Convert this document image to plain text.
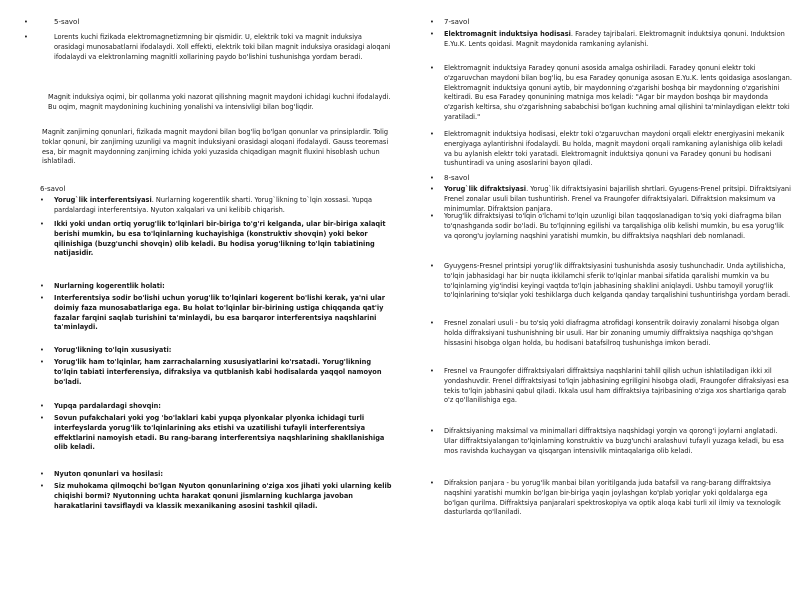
•	5-savol
•	Lorents kuchi fizikada elektromagnetizmning bir qismidir. U, elektrik toki va magnit induksiya orasidagi munosabatlarni ifodalaydi. Xoll effekti, elektrik toki bilan magnit induksiya orasidagi aloqani ifodalaydi va elektronlarning magnitli xollarining paydo bo'lishini tushunishga yordam beradi.

Magnit induksiya oqimi, bir qollanma yoki nazorat qilishning magnit maydoni ichidagi kuchni ifodalaydi. Bu oqim, magnit maydonining kuchining yonalishi va intensivligi bilan bog'liqdir.

Magnit zanjirning qonunlari, fizikada magnit maydoni bilan bog'liq bo'lgan qonunlar va prinsiplardir. Tolig toklar qonuni, bir zanjirning uzunligi va magnit induksiyani orasidagi aloqani ifodalaydi. Gauss teoremasi esa, bir magnit maydonning zanjirning ichida yoki yuzasida chiqadigan magnit fluxini hisoblash uchun ishlatiladi.

6-savol
• Yorug`lik interferentsiyasi. Nurlarning kogerentlik sharti. Yorug`likning to`lqin xossasi. Yupqa pardalardagi interferentsiya. Nyuton xalqalari va uni kelibib chiqarish.

• Ikki yoki undan ortiq yorug'lik to'lqinlari bir-biriga to'g'ri kelganda, ular bir-biriga xalaqit berishi mumkin, bu esa to'lqinlarning kuchayishiga (konstruktiv shovqin) yoki bekor qilinishiga (buzg'unchi shovqin) olib keladi. Bu hodisa yorug'likning to'lqin tabiatining natijasidir.

• Nurlarning kogerentlik holati:

• Interferentsiya sodir bo'lishi uchun yorug'lik to'lqinlari kogerent bo'lishi kerak, ya'ni ular doimiy faza munosabatlariga ega. Bu holat to'lqinlar bir-birining ustiga chiqqanda qat'iy fazalar farqini saqlab turishini ta'minlaydi, bu esa barqaror interferentsiya naqshlarini ta'minlaydi.

• Yorug'likning to'lqin xususiyati:

• Yorug'lik ham to'lqinlar, ham zarrachalarning xususiyatlarini ko'rsatadi. Yorug'likning to'lqin tabiati interferensiya, difraksiya va qutblanish kabi hodisalarda yaqqol namoyon bo'ladi.

• Yupqa pardalardagi shovqin:

• Sovun pufakchalari yoki yog 'bo'laklari kabi yupqa plyonkalar plyonka ichidagi turli interfeyslarda yorug'lik to'lqinlarining aks etishi va uzatilishi tufayli interferentsiya effektlarini namoyish etadi. Bu rang-barang interferentsiya naqshlarining shakllanishiga olib keladi.

• Nyuton qonunlari va hosilasi:

• Siz muhokama qilmoqchi bo'lgan Nyuton qonunlarining o'ziga xos jihati yoki ularning kelib chiqishi bormi? Nyutonning uchta harakat qonuni jismlarning kuchlarga javoban harakatlarini tavsiflaydi va klassik mexanikaning asosini tashkil qiladi.

• 7-savol
• Elektromagnit induktsiya hodisasi. Faradey tajribalari. Elektromagnit induktsiya qonuni. Induktsion E.Yu.K. Lents qoidasi. Magnit maydonida ramkaning aylanishi.

• Elektromagnit induktsiya Faradey qonuni asosida amalga oshiriladi. Faradey qonuni elektr toki o'zgaruvchan maydoni bilan bog'liq, bu esa Faradey qonuniga asosan E.Yu.K. lents qoidasiga asoslangan. Elektromagnit induktsiya qonuni aytib, bir maydonning o'zgarishi boshqa bir maydonning o'zgarishini keltiradi. Bu esa Faradey qonunining matniga mos keladi: "Agar bir maydon boshqa bir maydonda o'zgarish keltirsa, shu o'zgarishning sababchisi bo'lgan kuchning amal qilishini ta'minlaydigan elektr toki yaratiladi."

• Elektromagnit induktsiya hodisasi, elektr toki o'zgaruvchan maydoni orqali elektr energiyasini mekanik energiyaga aylantirishni ifodalaydi. Bu holda, magnit maydoni orqali ramkaning aylanishiga olib keladi va bu aylanish elektr toki yaratadi. Elektromagnit induktsiya qonuni va Faradey qonuni bu hodisani tushuntiradi va uning asoslarini bayon qiladi.

• 8-savol
• Yorug`lik difraktsiyasi. Yorug`lik difraktsiyasini bajarilish shrtlari. Gyugens-Frenel pritsipi. Difraktsiyani Frenel zonalar usuli bilan tushuntirish. Frenel va Fraungofer difraktsiyalari. Difraktsion maksimum va minimumlar. Difraktsion panjara.

• Yorug'lik difraktsiyasi to'lqin o'lchami to'lqin uzunligi bilan taqqoslanadigan to'siq yoki diafragma bilan to'qnashganda sodir bo'ladi. Bu to'lqinning egilishi va tarqalishiga olib kelishi mumkin, bu esa yorug'lik va qorong'u joylarning naqshini yaratishi mumkin, bu diffraktsiya naqshlari deb nomlanadi.

• Gyuygens-Fresnel printsipi yorug'lik diffraktsiyasini tushunishda asosiy tushunchadir. Unda aytilishicha, to'lqin jabhasidagi har bir nuqta ikkilamchi sferik to'lqinlar manbai sifatida qaralishi mumkin va bu to'lqinlarning yig'indisi keyingi vaqtda to'lqin jabhasining shaklini aniqlaydi. Ushbu tamoyil yorug'lik to'lqinlarining to'siqlar yoki teshiklarga duch kelganda qanday tarqalishini tushuntirishga yordam beradi.

• Fresnel zonalari usuli - bu to'siq yoki diafragma atrofidagi konsentrik doiraviy zonalarni hisobga olgan holda diffraksiyani tushunishning bir usuli. Har bir zonaning umumiy diffraktsiya naqshiga qo'shgan hissasini hisobga olgan holda, bu hodisani batafsilroq tushunishga imkon beradi.

• Fresnel va Fraungofer diffraktsiyalari diffraktsiya naqshlarini tahlil qilish uchun ishlatiladigan ikki xil yondashuvdir. Frenel diffraktsiyasi to'lqin jabhasining egriligini hisobga oladi, Fraungofer difraksiyasi esa tekis to'lqin jabhasini qabul qiladi. Ikkala usul ham diffraktsiya tajribasining o'ziga xos shartlariga qarab o'z qo'llanilishiga ega.

• Difraktsiyaning maksimal va minimallari diffraktsiya naqshidagi yorqin va qorong'i joylarni anglatadi. Ular diffraktsiyalangan to'lqinlarning konstruktiv va buzg'unchi aralashuvi tufayli yuzaga keladi, bu esa mos ravishda kuchaygan va qisqargan intensivlik mintaqalariga olib keladi.

• Difraksion panjara - bu yorug'lik manbai bilan yoritilganda juda batafsil va rang-barang diffraktsiya naqshini yaratishi mumkin bo'lgan bir-biriga yaqin joylashgan ko'plab yoriqlar yoki qoldalarga ega bo'lgan qurilma. Diffraktsiya panjaralari spektroskopiya va optik aloqa kabi turli xil ilmiy va texnologik dasturlarda qo'llaniladi.
